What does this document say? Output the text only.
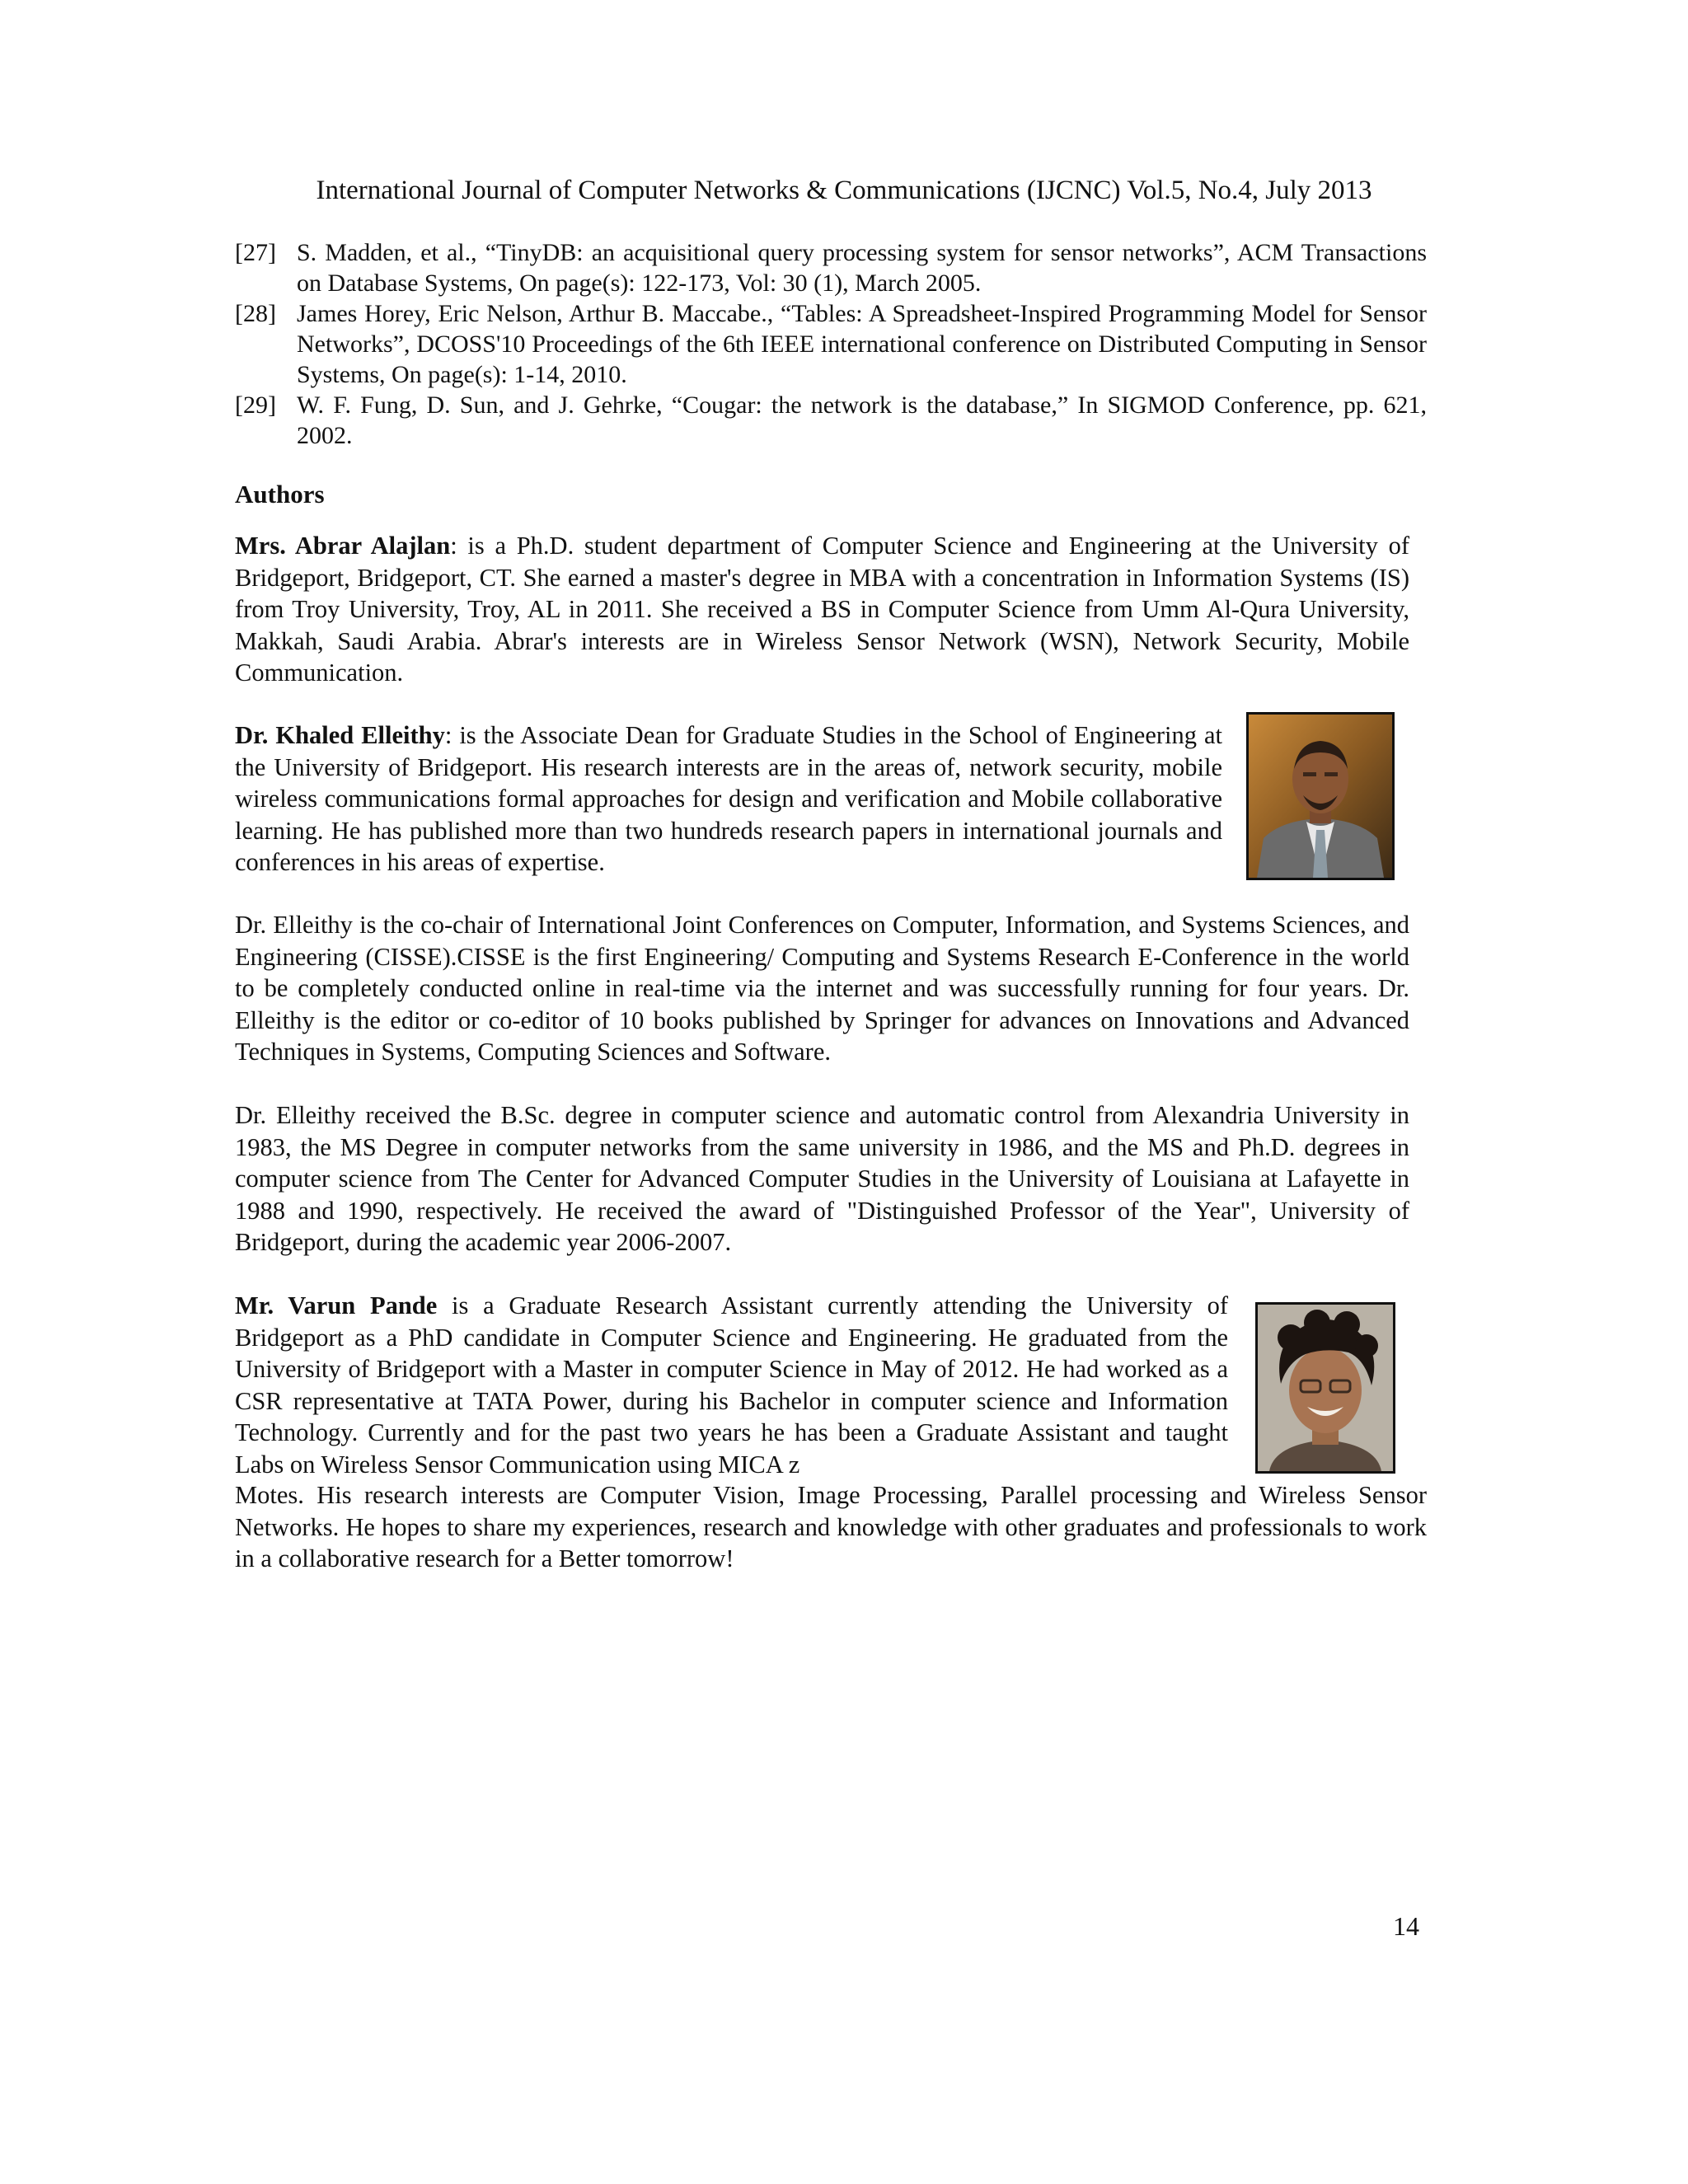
International Journal of Computer Networks & Communications (IJCNC) Vol.5, No.4, July 2013
[27] S. Madden, et al., “TinyDB: an acquisitional query processing system for sensor networks”, ACM Transactions on Database Systems, On page(s): 122-173, Vol: 30 (1), March 2005.
[28] James Horey, Eric Nelson, Arthur B. Maccabe., “Tables: A Spreadsheet-Inspired Programming Model for Sensor Networks”, DCOSS'10 Proceedings of the 6th IEEE international conference on Distributed Computing in Sensor Systems, On page(s): 1-14, 2010.
[29] W. F. Fung, D. Sun, and J. Gehrke, “Cougar: the network is the database,” In SIGMOD Conference, pp. 621, 2002.
Authors
Mrs. Abrar Alajlan: is a Ph.D. student department of Computer Science and Engineering at the University of Bridgeport, Bridgeport, CT. She earned a master's degree in MBA with a concentration in Information Systems (IS) from Troy University, Troy, AL in 2011. She received a BS in Computer Science from Umm Al-Qura University, Makkah, Saudi Arabia. Abrar's interests are in Wireless Sensor Network (WSN), Network Security, Mobile Communication.
Dr. Khaled Elleithy: is the Associate Dean for Graduate Studies in the School of Engineering at the University of Bridgeport. His research interests are in the areas of, network security, mobile wireless communications formal approaches for design and verification and Mobile collaborative learning. He has published more than two hundreds research papers in international journals and conferences in his areas of expertise.
Dr. Elleithy is the co-chair of International Joint Conferences on Computer, Information, and Systems Sciences, and Engineering (CISSE).CISSE is the first Engineering/ Computing and Systems Research E-Conference in the world to be completely conducted online in real-time via the internet and was successfully running for four years. Dr. Elleithy is the editor or co-editor of 10 books published by Springer for advances on Innovations and Advanced Techniques in Systems, Computing Sciences and Software.
Dr. Elleithy received the B.Sc. degree in computer science and automatic control from Alexandria University in 1983, the MS Degree in computer networks from the same university in 1986, and the MS and Ph.D. degrees in computer science from The Center for Advanced Computer Studies in the University of Louisiana at Lafayette in 1988 and 1990, respectively. He received the award of "Distinguished Professor of the Year", University of Bridgeport, during the academic year 2006-2007.
Mr. Varun Pande is a Graduate Research Assistant currently attending the University of Bridgeport as a PhD candidate in Computer Science and Engineering. He graduated from the University of Bridgeport with a Master in computer Science in May of 2012. He had worked as a CSR representative at TATA Power, during his Bachelor in computer science and Information Technology. Currently and for the past two years he has been a Graduate Assistant and taught Labs on Wireless Sensor Communication using MICA z
Motes. His research interests are Computer Vision, Image Processing, Parallel processing and Wireless Sensor Networks. He hopes to share my experiences, research and knowledge with other graduates and professionals to work in a collaborative research for a Better tomorrow!
14
